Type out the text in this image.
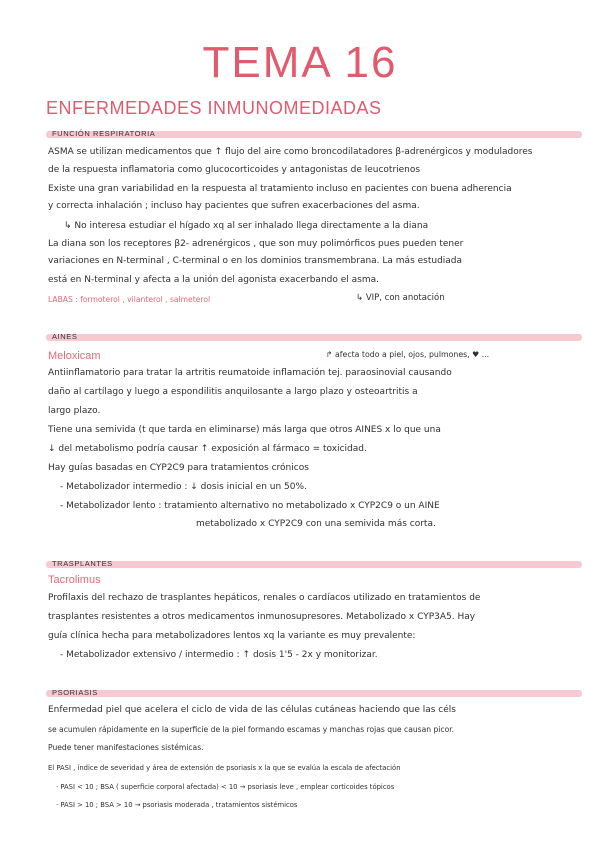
TEMA 16
ENFERMEDADES INMUNOMEDIADAS
FUNCIÓN RESPIRATORIA
ASMA se utilizan medicamentos que ↑ flujo del aire como broncodilatadores β-adrenérgicos y moduladores
de la respuesta inflamatoria como glucocorticoides y antagonistas de leucotrienos
Existe una gran variabilidad en la respuesta al tratamiento incluso en pacientes con buena adherencia
y correcta inhalación ; incluso hay pacientes que sufren exacerbaciones del asma.
↳ No interesa estudiar el hígado xq al ser inhalado llega directamente a la diana
La diana son los receptores β2- adrenérgicos , que son muy polimórficos pues pueden tener
variaciones en N-terminal , C-terminal o en los dominios transmembrana. La más estudiada
está en N-terminal y afecta a la unión del agonista exacerbando el asma.
LABAS : formoterol , vilanterol , salmeterol	↳ VIP, con anotación
AINES
Meloxicam	↱ afecta todo a piel, ojos, pulmones, ♥ ...
Antiinflamatorio para tratar la artritis reumatoide inflamación tej. paraosinovial causando
daño al cartílago y luego a espondilitis anquilosante a largo plazo y osteoartritis a
largo plazo.
Tiene una semivida (t que tarda en eliminarse) más larga que otros AINES x lo que una
↓ del metabolismo podría causar ↑ exposición al fármaco = toxicidad.
Hay guías basadas en CYP2C9 para tratamientos crónicos
- Metabolizador intermedio : ↓ dosis inicial en un 50%.
- Metabolizador lento : tratamiento alternativo no metabolizado x CYP2C9 o un AINE
metabolizado x CYP2C9 con una semivida más corta.
TRASPLANTES
Tacrolimus
Profilaxis del rechazo de trasplantes hepáticos, renales o cardíacos utilizado en tratamientos de
trasplantes resistentes a otros medicamentos inmunosupresores. Metabolizado x CYP3A5. Hay
guía clínica hecha para metabolizadores lentos xq la variante es muy prevalente:
- Metabolizador extensivo / intermedio : ↑ dosis 1'5 - 2x y monitorizar.
PSORIASIS
Enfermedad piel que acelera el ciclo de vida de las células cutáneas haciendo que las céls
se acumulen rápidamente en la superficie de la piel formando escamas y manchas rojas que causan picor.
Puede tener manifestaciones sistémicas.
El PASI , índice de severidad y área de extensión de psoriasis x la que se evalúa la escala de afectación
· PASI < 10 ; BSA ( superficie corporal afectada) < 10 → psoriasis leve , emplear corticoides tópicos
· PASI > 10 ; BSA > 10 → psoriasis moderada , tratamientos sistémicos
